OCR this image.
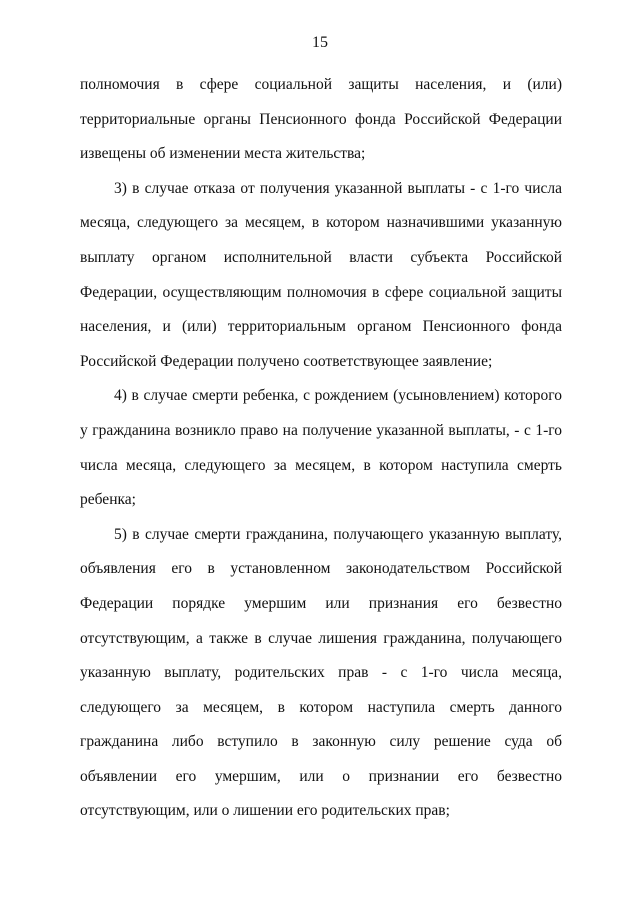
15

полномочия в сфере социальной защиты населения, и (или) территориальные органы Пенсионного фонда Российской Федерации извещены об изменении места жительства;

3) в случае отказа от получения указанной выплаты - с 1-го числа месяца, следующего за месяцем, в котором назначившими указанную выплату органом исполнительной власти субъекта Российской Федерации, осуществляющим полномочия в сфере социальной защиты населения, и (или) территориальным органом Пенсионного фонда Российской Федерации получено соответствующее заявление;

4) в случае смерти ребенка, с рождением (усыновлением) которого у гражданина возникло право на получение указанной выплаты, - с 1-го числа месяца, следующего за месяцем, в котором наступила смерть ребенка;

5) в случае смерти гражданина, получающего указанную выплату, объявления его в установленном законодательством Российской Федерации порядке умершим или признания его безвестно отсутствующим, а также в случае лишения гражданина, получающего указанную выплату, родительских прав - с 1-го числа месяца, следующего за месяцем, в котором наступила смерть данного гражданина либо вступило в законную силу решение суда об объявлении его умершим, или о признании его безвестно отсутствующим, или о лишении его родительских прав;
